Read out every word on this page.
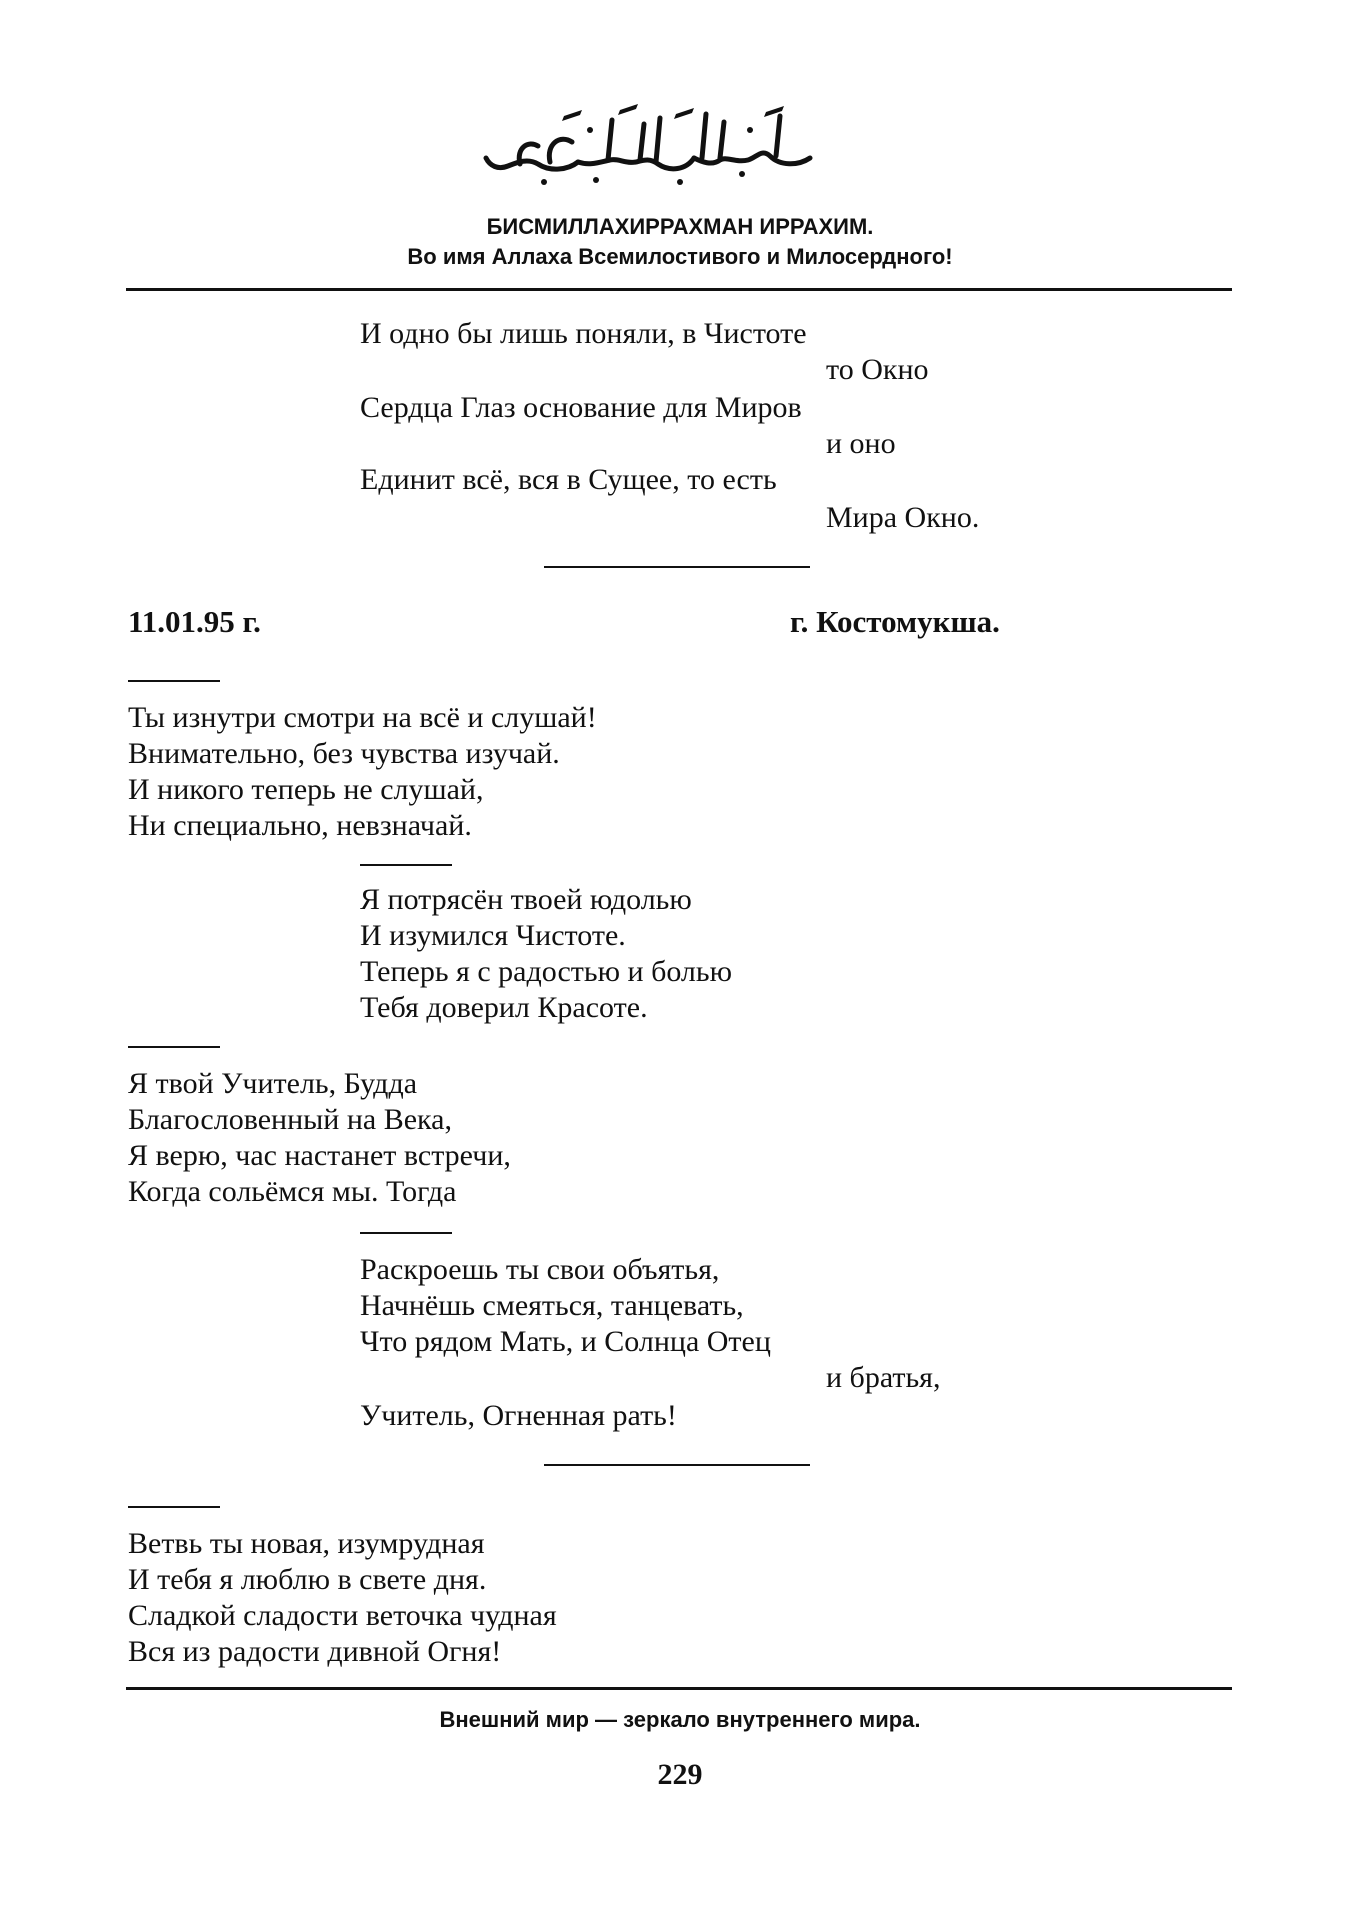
БИСМИЛЛАХИРРАХМАН ИРРАХИМ.
Во имя Аллаха Всемилостивого и Милосердного!
И одно бы лишь поняли, в Чистоте
то Окно
Сердца Глаз основание для Миров
и оно
Единит всё, вся в Сущее, то есть
Мира Окно.
11.01.95 г.	г. Костомукша.
Ты изнутри смотри на всё и слушай!
Внимательно, без чувства изучай.
И никого теперь не слушай,
Ни специально, невзначай.
Я потрясён твоей юдолью
И изумился Чистоте.
Теперь я с радостью и болью
Тебя доверил Красоте.
Я твой Учитель, Будда
Благословенный на Века,
Я верю, час настанет встречи,
Когда сольёмся мы. Тогда
Раскроешь ты свои объятья,
Начнёшь смеяться, танцевать,
Что рядом Мать, и Солнца Отец
и братья,
Учитель, Огненная рать!
Ветвь ты новая, изумрудная
И тебя я люблю в свете дня.
Сладкой сладости веточка чудная
Вся из радости дивной Огня!
Внешний мир — зеркало внутреннего мира.
229
